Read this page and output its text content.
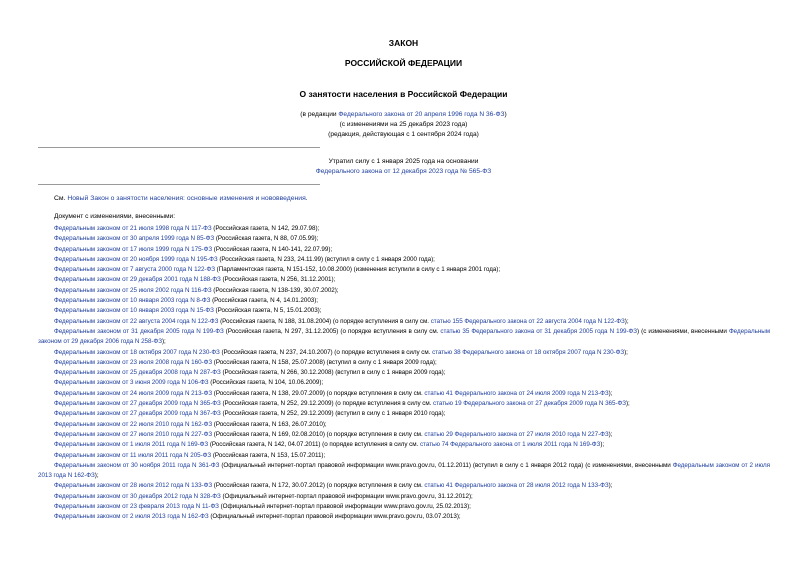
ЗАКОН
РОССИЙСКОЙ ФЕДЕРАЦИИ
О занятости населения в Российской Федерации
(в редакции Федерального закона от 20 апреля 1996 года N 36-ФЗ)
(с изменениями на 25 декабря 2023 года)
(редакция, действующая с 1 сентября 2024 года)
Утратил силу с 1 января 2025 года на основании
Федерального закона от 12 декабря 2023 года № 565-ФЗ
См. Новый Закон о занятости населения: основные изменения и нововведения.
Документ с изменениями, внесенными:
Федеральным законом от 21 июля 1998 года N 117-ФЗ (Российская газета, N 142, 29.07.98);
Федеральным законом от 30 апреля 1999 года N 85-ФЗ (Российская газета, N 88, 07.05.99);
Федеральным законом от 17 июля 1999 года N 175-ФЗ (Российская газета, N 140-141, 22.07.99);
Федеральным законом от 20 ноября 1999 года N 195-ФЗ (Российская газета, N 233, 24.11.99) (вступил в силу с 1 января 2000 года);
Федеральным законом от 7 августа 2000 года N 122-ФЗ (Парламентская газета, N 151-152, 10.08.2000) (изменения вступили в силу с 1 января 2001 года);
Федеральным законом от 29 декабря 2001 года N 188-ФЗ (Российская газета, N 256, 31.12.2001);
Федеральным законом от 25 июля 2002 года N 116-ФЗ (Российская газета, N 138-139, 30.07.2002);
Федеральным законом от 10 января 2003 года N 8-ФЗ (Российская газета, N 4, 14.01.2003);
Федеральным законом от 10 января 2003 года N 15-ФЗ (Российская газета, N 5, 15.01.2003);
Федеральным законом от 22 августа 2004 года N 122-ФЗ (Российская газета, N 188, 31.08.2004) (о порядке вступления в силу см. статью 155 Федерального закона от 22 августа 2004 года N 122-ФЗ);
Федеральным законом от 31 декабря 2005 года N 199-ФЗ (Российская газета, N 297, 31.12.2005) (о порядке вступления в силу см. статью 35 Федерального закона от 31 декабря 2005 года N 199-ФЗ) (с изменениями, внесенными Федеральным законом от 29 декабря 2006 года N 258-ФЗ);
Федеральным законом от 18 октября 2007 года N 230-ФЗ (Российская газета, N 237, 24.10.2007) (о порядке вступления в силу см. статью 38 Федерального закона от 18 октября 2007 года N 230-ФЗ);
Федеральным законом от 23 июля 2008 года N 160-ФЗ (Российская газета, N 158, 25.07.2008) (вступил в силу с 1 января 2009 года);
Федеральным законом от 25 декабря 2008 года N 287-ФЗ (Российская газета, N 266, 30.12.2008) (вступил в силу с 1 января 2009 года);
Федеральным законом от 3 июня 2009 года N 106-ФЗ (Российская газета, N 104, 10.06.2009);
Федеральным законом от 24 июля 2009 года N 213-ФЗ (Российская газета, N 138, 29.07.2009) (о порядке вступления в силу см. статью 41 Федерального закона от 24 июля 2009 года N 213-ФЗ);
Федеральным законом от 27 декабря 2009 года N 365-ФЗ (Российская газета, N 252, 29.12.2009) (о порядке вступления в силу см. статью 19 Федерального закона от 27 декабря 2009 года N 365-ФЗ);
Федеральным законом от 27 декабря 2009 года N 367-ФЗ (Российская газета, N 252, 29.12.2009) (вступил в силу с 1 января 2010 года);
Федеральным законом от 22 июля 2010 года N 162-ФЗ (Российская газета, N 163, 26.07.2010);
Федеральным законом от 27 июля 2010 года N 227-ФЗ (Российская газета, N 169, 02.08.2010) (о порядке вступления в силу см. статью 29 Федерального закона от 27 июля 2010 года N 227-ФЗ);
Федеральным законом от 1 июля 2011 года N 169-ФЗ (Российская газета, N 142, 04.07.2011) (о порядке вступления в силу см. статью 74 Федерального закона от 1 июля 2011 года N 169-ФЗ);
Федеральным законом от 11 июля 2011 года N 205-ФЗ (Российская газета, N 153, 15.07.2011);
Федеральным законом от 30 ноября 2011 года N 361-ФЗ (Официальный интернет-портал правовой информации www.pravo.gov.ru, 01.12.2011) (вступил в силу с 1 января 2012 года) (с изменениями, внесенными Федеральным законом от 2 июля 2013 года N 162-ФЗ);
Федеральным законом от 28 июля 2012 года N 133-ФЗ (Российская газета, N 172, 30.07.2012) (о порядке вступления в силу см. статью 41 Федерального закона от 28 июля 2012 года N 133-ФЗ);
Федеральным законом от 30 декабря 2012 года N 328-ФЗ (Официальный интернет-портал правовой информации www.pravo.gov.ru, 31.12.2012);
Федеральным законом от 23 февраля 2013 года N 11-ФЗ (Официальный интернет-портал правовой информации www.pravo.gov.ru, 25.02.2013);
Федеральным законом от 2 июля 2013 года N 162-ФЗ (Официальный интернет-портал правовой информации www.pravo.gov.ru, 03.07.2013);
